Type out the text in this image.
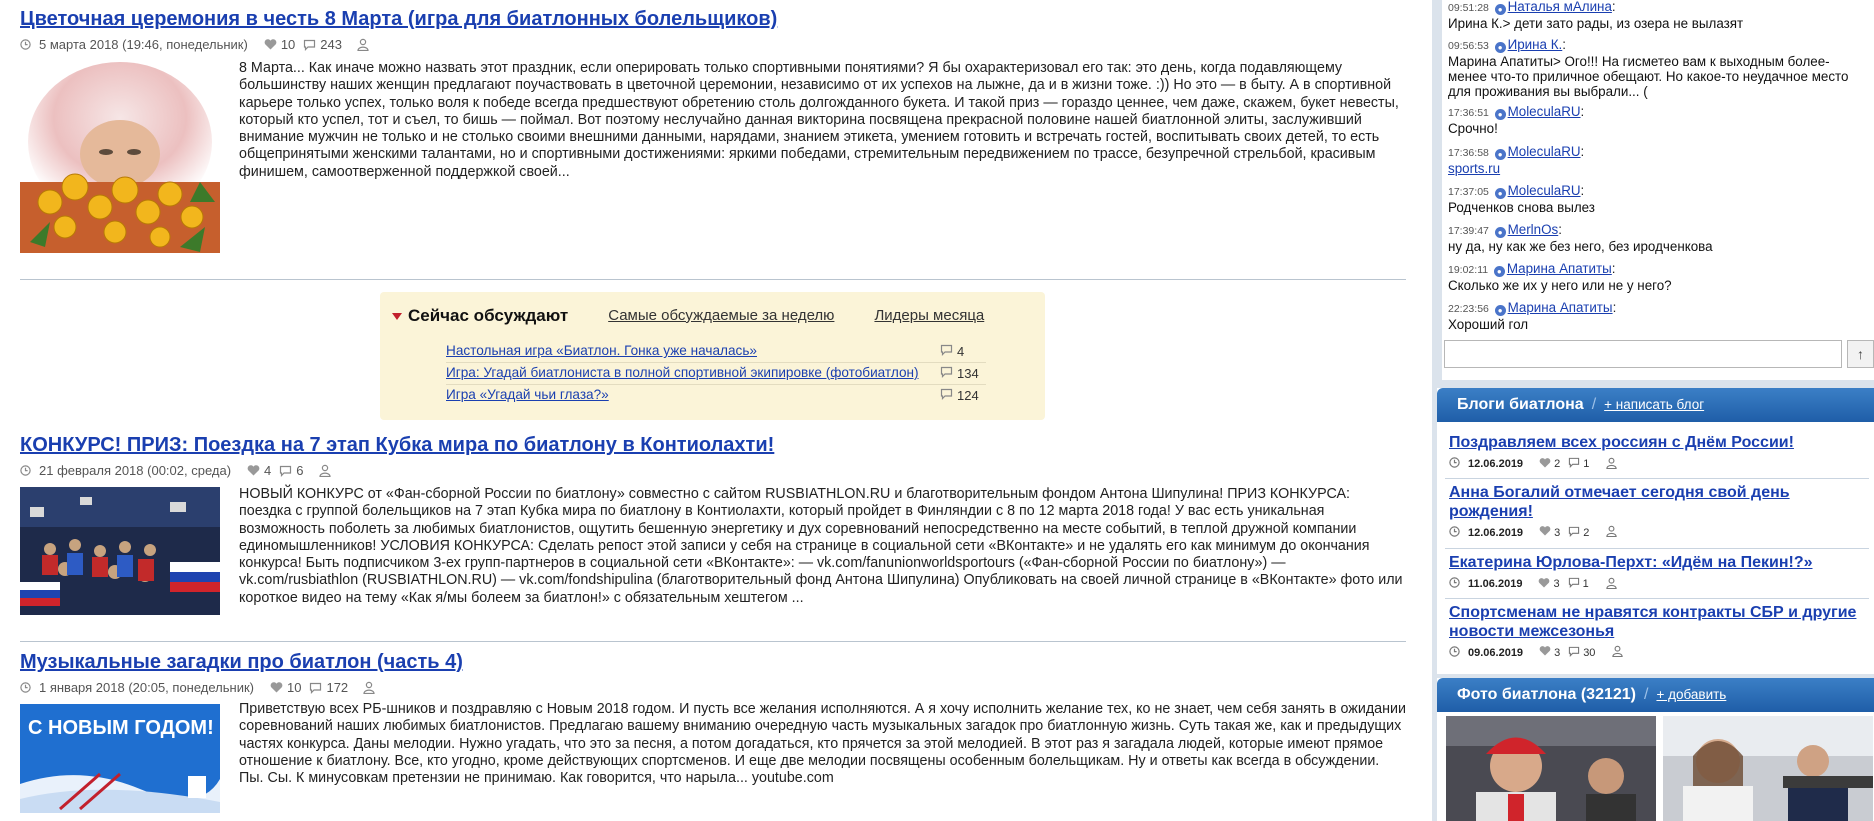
Цветочная церемония в честь 8 Марта (игра для биатлонных болельщиков)
5 марта 2018 (19:46, понедельник)	10 243
8 Марта... Как иначе можно назвать этот праздник, если оперировать только спортивными понятиями? Я бы охарактеризовал его так: это день, когда подавляющему большинству наших женщин предлагают поучаствовать в цветочной церемонии, независимо от их успехов на лыжне, да и в жизни тоже. :)) Но это — в быту. А в спортивной карьере только успех, только воля к победе всегда предшествуют обретению столь долгожданного букета. И такой приз — гораздо ценнее, чем даже, скажем, букет невесты, который кто успел, тот и съел, то бишь — поймал. Вот поэтому неслучайно данная викторина посвящена прекрасной половине нашей биатлонной элиты, заслуживший внимание мужчин не только и не столько своими внешними данными, нарядами, знанием этикета, умением готовить и встречать гостей, воспитывать своих детей, то есть общепринятыми женскими талантами, но и спортивными достижениями: яркими победами, стремительным передвижением по трассе, безупречной стрельбой, красивым финишем, самоотверженной поддержкой своей...
Сейчас обсуждают	Самые обсуждаемые за неделю	Лидеры месяца
Настольная игра «Биатлон. Гонка уже началась»	4
Игра: Угадай биатлониста в полной спортивной экипировке (фотобиатлон)	134
Игра «Угадай чьи глаза?»	124
КОНКУРС! ПРИЗ: Поездка на 7 этап Кубка мира по биатлону в Контиолахти!
21 февраля 2018 (00:02, среда)	4 6
НОВЫЙ КОНКУРС от «Фан-сборной России по биатлону» совместно с сайтом RUSBIATHLON.RU и благотворительным фондом Антона Шипулина! ПРИЗ КОНКУРСА: поездка с группой болельщиков на 7 этап Кубка мира по биатлону в Контиолахти, который пройдет в Финляндии с 8 по 12 марта 2018 года! У вас есть уникальная возможность поболеть за любимых биатлонистов, ощутить бешенную энергетику и дух соревнований непосредственно на месте событий, в теплой дружной компании единомышленников! УСЛОВИЯ КОНКУРСА: Сделать репост этой записи у себя на странице в социальной сети «ВКонтакте» и не удалять его как минимум до окончания конкурса! Быть подписчиком 3-ех групп-партнеров в социальной сети «ВКонтакте»: — vk.com/fanunionworldsportours («Фан-сборной России по биатлону») — vk.com/rusbiathlon (RUSBIATHLON.RU) — vk.com/fondshipulina (благотворительный фонд Антона Шипулина) Опубликовать на своей личной странице в «ВКонтакте» фото или короткое видео на тему «Как я/мы болеем за биатлон!» с обязательным хештегом ...
Музыкальные загадки про биатлон (часть 4)
1 января 2018 (20:05, понедельник)	10 172
С НОВЫМ ГОДОМ!
Приветствую всех РБ-шников и поздравляю с Новым 2018 годом. И пусть все желания исполняются. А я хочу исполнить желание тех, ко не знает, чем себя занять в ожидании соревнований наших любимых биатлонистов. Предлагаю вашему вниманию очередную часть музыкальных загадок про биатлонную жизнь. Суть такая же, как и предыдущих частях конкурса. Даны мелодии. Нужно угадать, что это за песня, а потом догадаться, кто прячется за этой мелодией. В этот раз я загадала людей, которые имеют прямое отношение к биатлону. Все, кто угодно, кроме действующих спортсменов. И еще две мелодии посвящены особенным болельщикам. Ну и ответы как всегда в обсуждении. Пы. Сы. К минусовкам претензии не принимаю. Как говорится, что нарыла... youtube.com
09:51:28 ● Наталья мАлина:
Ирина К.> дети зато рады, из озера не вылазят
09:56:53 ● Ирина К.:
Марина Апатиты> Ого!!! На гисметео вам к выходным более-менее что-то приличное обещают. Но какое-то неудачное место для проживания вы выбрали... (
17:36:51 ● MoleculaRU:
Срочно!
17:36:58 ● MoleculaRU:
sports.ru
17:37:05 ● MoleculaRU:
Родченков снова вылез
17:39:47 ● MerlnOs:
ну да, ну как же без него, без иродченкова
19:02:11 ● Марина Апатиты:
Сколько же их у него или не у него?
22:23:56 ● Марина Апатиты:
Хороший гол
↑
Блоги биатлона / + написать блог
Поздравляем всех россиян с Днём России!
12.06.2019	2 1
Анна Богалий отмечает сегодня свой день рождения!
12.06.2019	3 2
Екатерина Юрлова-Перхт: «Идём на Пекин!?»
11.06.2019	3 1
Спортсменам не нравятся контракты СБР и другие новости межсезонья
09.06.2019	3 30
Фото биатлона (32121) / + добавить
